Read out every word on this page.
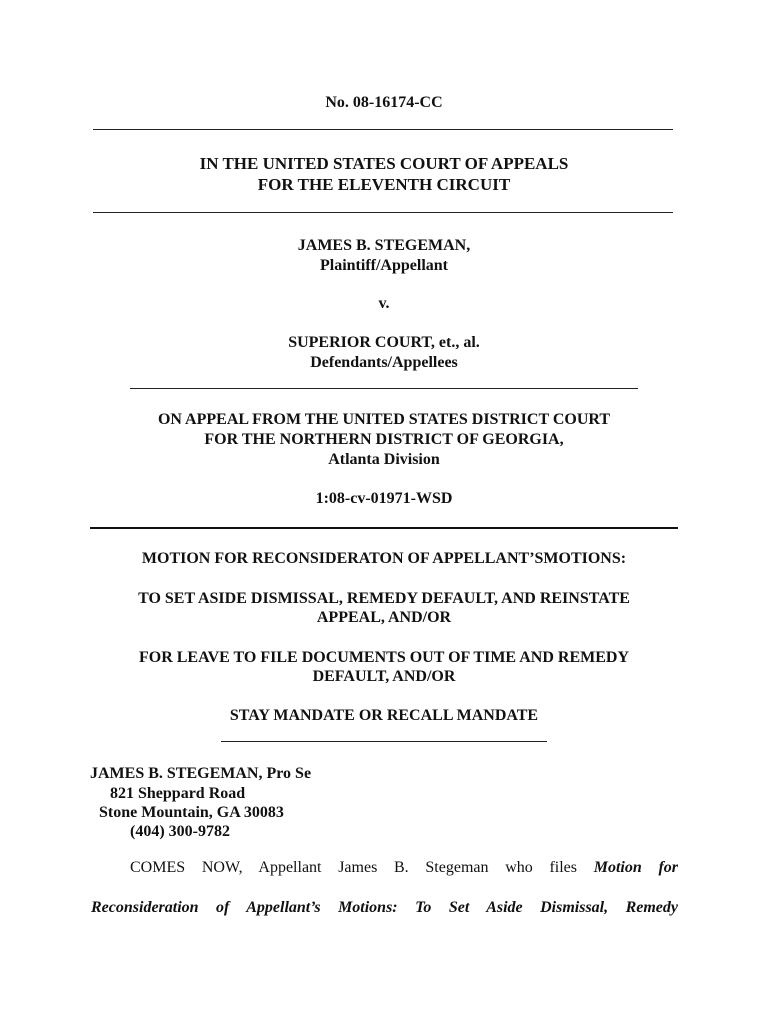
No. 08-16174-CC
IN THE UNITED STATES COURT OF APPEALS
FOR THE ELEVENTH CIRCUIT
JAMES B. STEGEMAN,
Plaintiff/Appellant
v.
SUPERIOR COURT, et., al.
Defendants/Appellees
ON APPEAL FROM THE UNITED STATES DISTRICT COURT
FOR THE NORTHERN DISTRICT OF GEORGIA,
Atlanta Division
1:08-cv-01971-WSD
MOTION FOR RECONSIDERATON OF APPELLANT’SMOTIONS:
TO SET ASIDE DISMISSAL, REMEDY DEFAULT, AND REINSTATE
APPEAL, AND/OR
FOR LEAVE TO FILE DOCUMENTS OUT OF TIME AND REMEDY
DEFAULT, AND/OR
STAY MANDATE OR RECALL MANDATE
JAMES B. STEGEMAN, Pro Se
821 Sheppard Road
Stone Mountain, GA 30083
(404) 300-9782
COMES NOW, Appellant James B. Stegeman who files Motion for
Reconsideration of Appellant’s Motions: To Set Aside Dismissal, Remedy
